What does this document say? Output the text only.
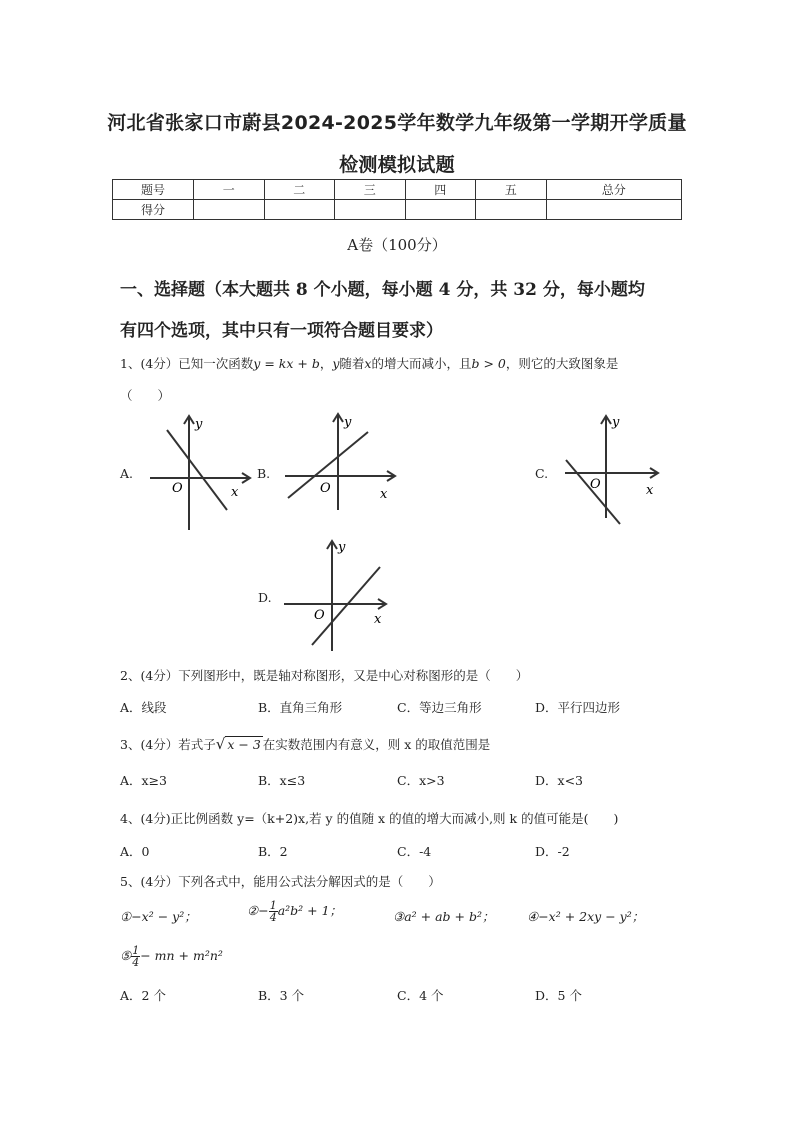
河北省张家口市蔚县2024-2025学年数学九年级第一学期开学质量
检测模拟试题
题号	一	二	三	四	五	总分
得分						
A卷（100分）
一、选择题（本大题共 8 个小题，每小题 4 分，共 32 分，每小题均
有四个选项，其中只有一项符合题目要求）
1、(4分）已知一次函数y = kx + b，y随着x的增大而减小，且b > 0，则它的大致图象是
（　　）
A.	B.	C.
D.
O	x
y
O	x
y
O	x
y
O	x
y
2、(4分）下列图形中，既是轴对称图形，又是中心对称图形的是（　　）
A．线段	B．直角三角形	C．等边三角形	D．平行四边形
3、(4分）若式子√ x − 3 在实数范围内有意义，则 x 的取值范围是
A．x≥3	B．x≤3	C．x>3	D．x<3
4、(4分)正比例函数 y=（k+2)x,若 y 的值随 x 的值的增大而减小,则 k 的值可能是(　　)
A．0	B．2	C．-4	D．-2
5、(4分）下列各式中，能用公式法分解因式的是（　　）
①−x² − y²；	②− $\frac{1}{4} a^2b^2 + 1$；	③a² + ab + b²；	④−x² + 2xy − y²；
⑤ $\frac{1}{4}$ − mn + m²n²
A．2 个	B．3 个	C．4 个	D．5 个
